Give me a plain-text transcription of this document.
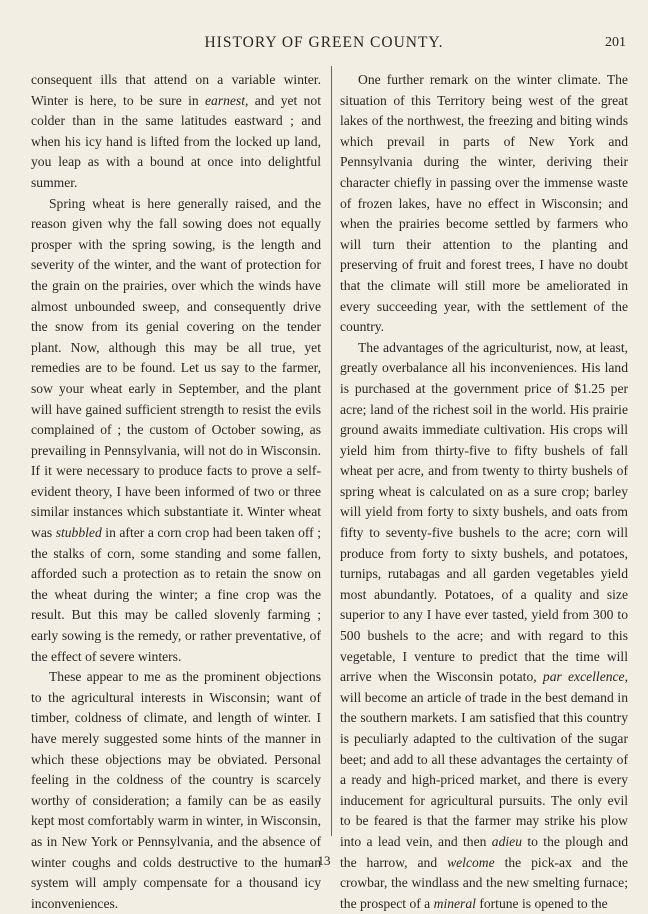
HISTORY OF GREEN COUNTY.	201

consequent ills that attend on a variable winter. Winter is here, to be sure in earnest, and yet not colder than in the same latitudes eastward ; and when his icy hand is lifted from the locked up land, you leap as with a bound at once into delightful summer.

Spring wheat is here generally raised, and the reason given why the fall sowing does not equally prosper with the spring sowing, is the length and severity of the winter, and the want of protection for the grain on the prairies, over which the winds have almost unbounded sweep, and consequently drive the snow from its genial covering on the tender plant. Now, although this may be all true, yet remedies are to be found. Let us say to the farmer, sow your wheat early in September, and the plant will have gained sufficient strength to resist the evils complained of ; the custom of October sowing, as prevailing in Pennsylvania, will not do in Wisconsin. If it were necessary to produce facts to prove a self-evident theory, I have been informed of two or three similar instances which substantiate it. Winter wheat was stubbled in after a corn crop had been taken off ; the stalks of corn, some standing and some fallen, afforded such a protection as to retain the snow on the wheat during the winter; a fine crop was the result. But this may be called slovenly farming ; early sowing is the remedy, or rather preventative, of the effect of severe winters.

These appear to me as the prominent objections to the agricultural interests in Wisconsin; want of timber, coldness of climate, and length of winter. I have merely suggested some hints of the manner in which these objections may be obviated. Personal feeling in the coldness of the country is scarcely worthy of consideration; a family can be as easily kept most comfortably warm in winter, in Wisconsin, as in New York or Pennsylvania, and the absence of winter coughs and colds destructive to the human system will amply compensate for a thousand icy inconveniences.

One further remark on the winter climate. The situation of this Territory being west of the great lakes of the northwest, the freezing and biting winds which prevail in parts of New York and Pennsylvania during the winter, deriving their character chiefly in passing over the immense waste of frozen lakes, have no effect in Wisconsin; and when the prairies become settled by farmers who will turn their attention to the planting and preserving of fruit and forest trees, I have no doubt that the climate will still more be ameliorated in every succeeding year, with the settlement of the country.

The advantages of the agriculturist, now, at least, greatly overbalance all his inconveniences. His land is purchased at the government price of $1.25 per acre; land of the richest soil in the world. His prairie ground awaits immediate cultivation. His crops will yield him from thirty-five to fifty bushels of fall wheat per acre, and from twenty to thirty bushels of spring wheat is calculated on as a sure crop; barley will yield from forty to sixty bushels, and oats from fifty to seventy-five bushels to the acre; corn will produce from forty to sixty bushels, and potatoes, turnips, rutabagas and all garden vegetables yield most abundantly. Potatoes, of a quality and size superior to any I have ever tasted, yield from 300 to 500 bushels to the acre; and with regard to this vegetable, I venture to predict that the time will arrive when the Wisconsin potato, par excellence, will become an article of trade in the best demand in the southern markets. I am satisfied that this country is peculiarly adapted to the cultivation of the sugar beet; and add to all these advantages the certainty of a ready and high-priced market, and there is every inducement for agricultural pursuits. The only evil to be feared is that the farmer may strike his plow into a lead vein, and then adieu to the plough and the harrow, and welcome the pick-ax and the crowbar, the windlass and the new smelting furnace; the prospect of a mineral fortune is opened to the

13
